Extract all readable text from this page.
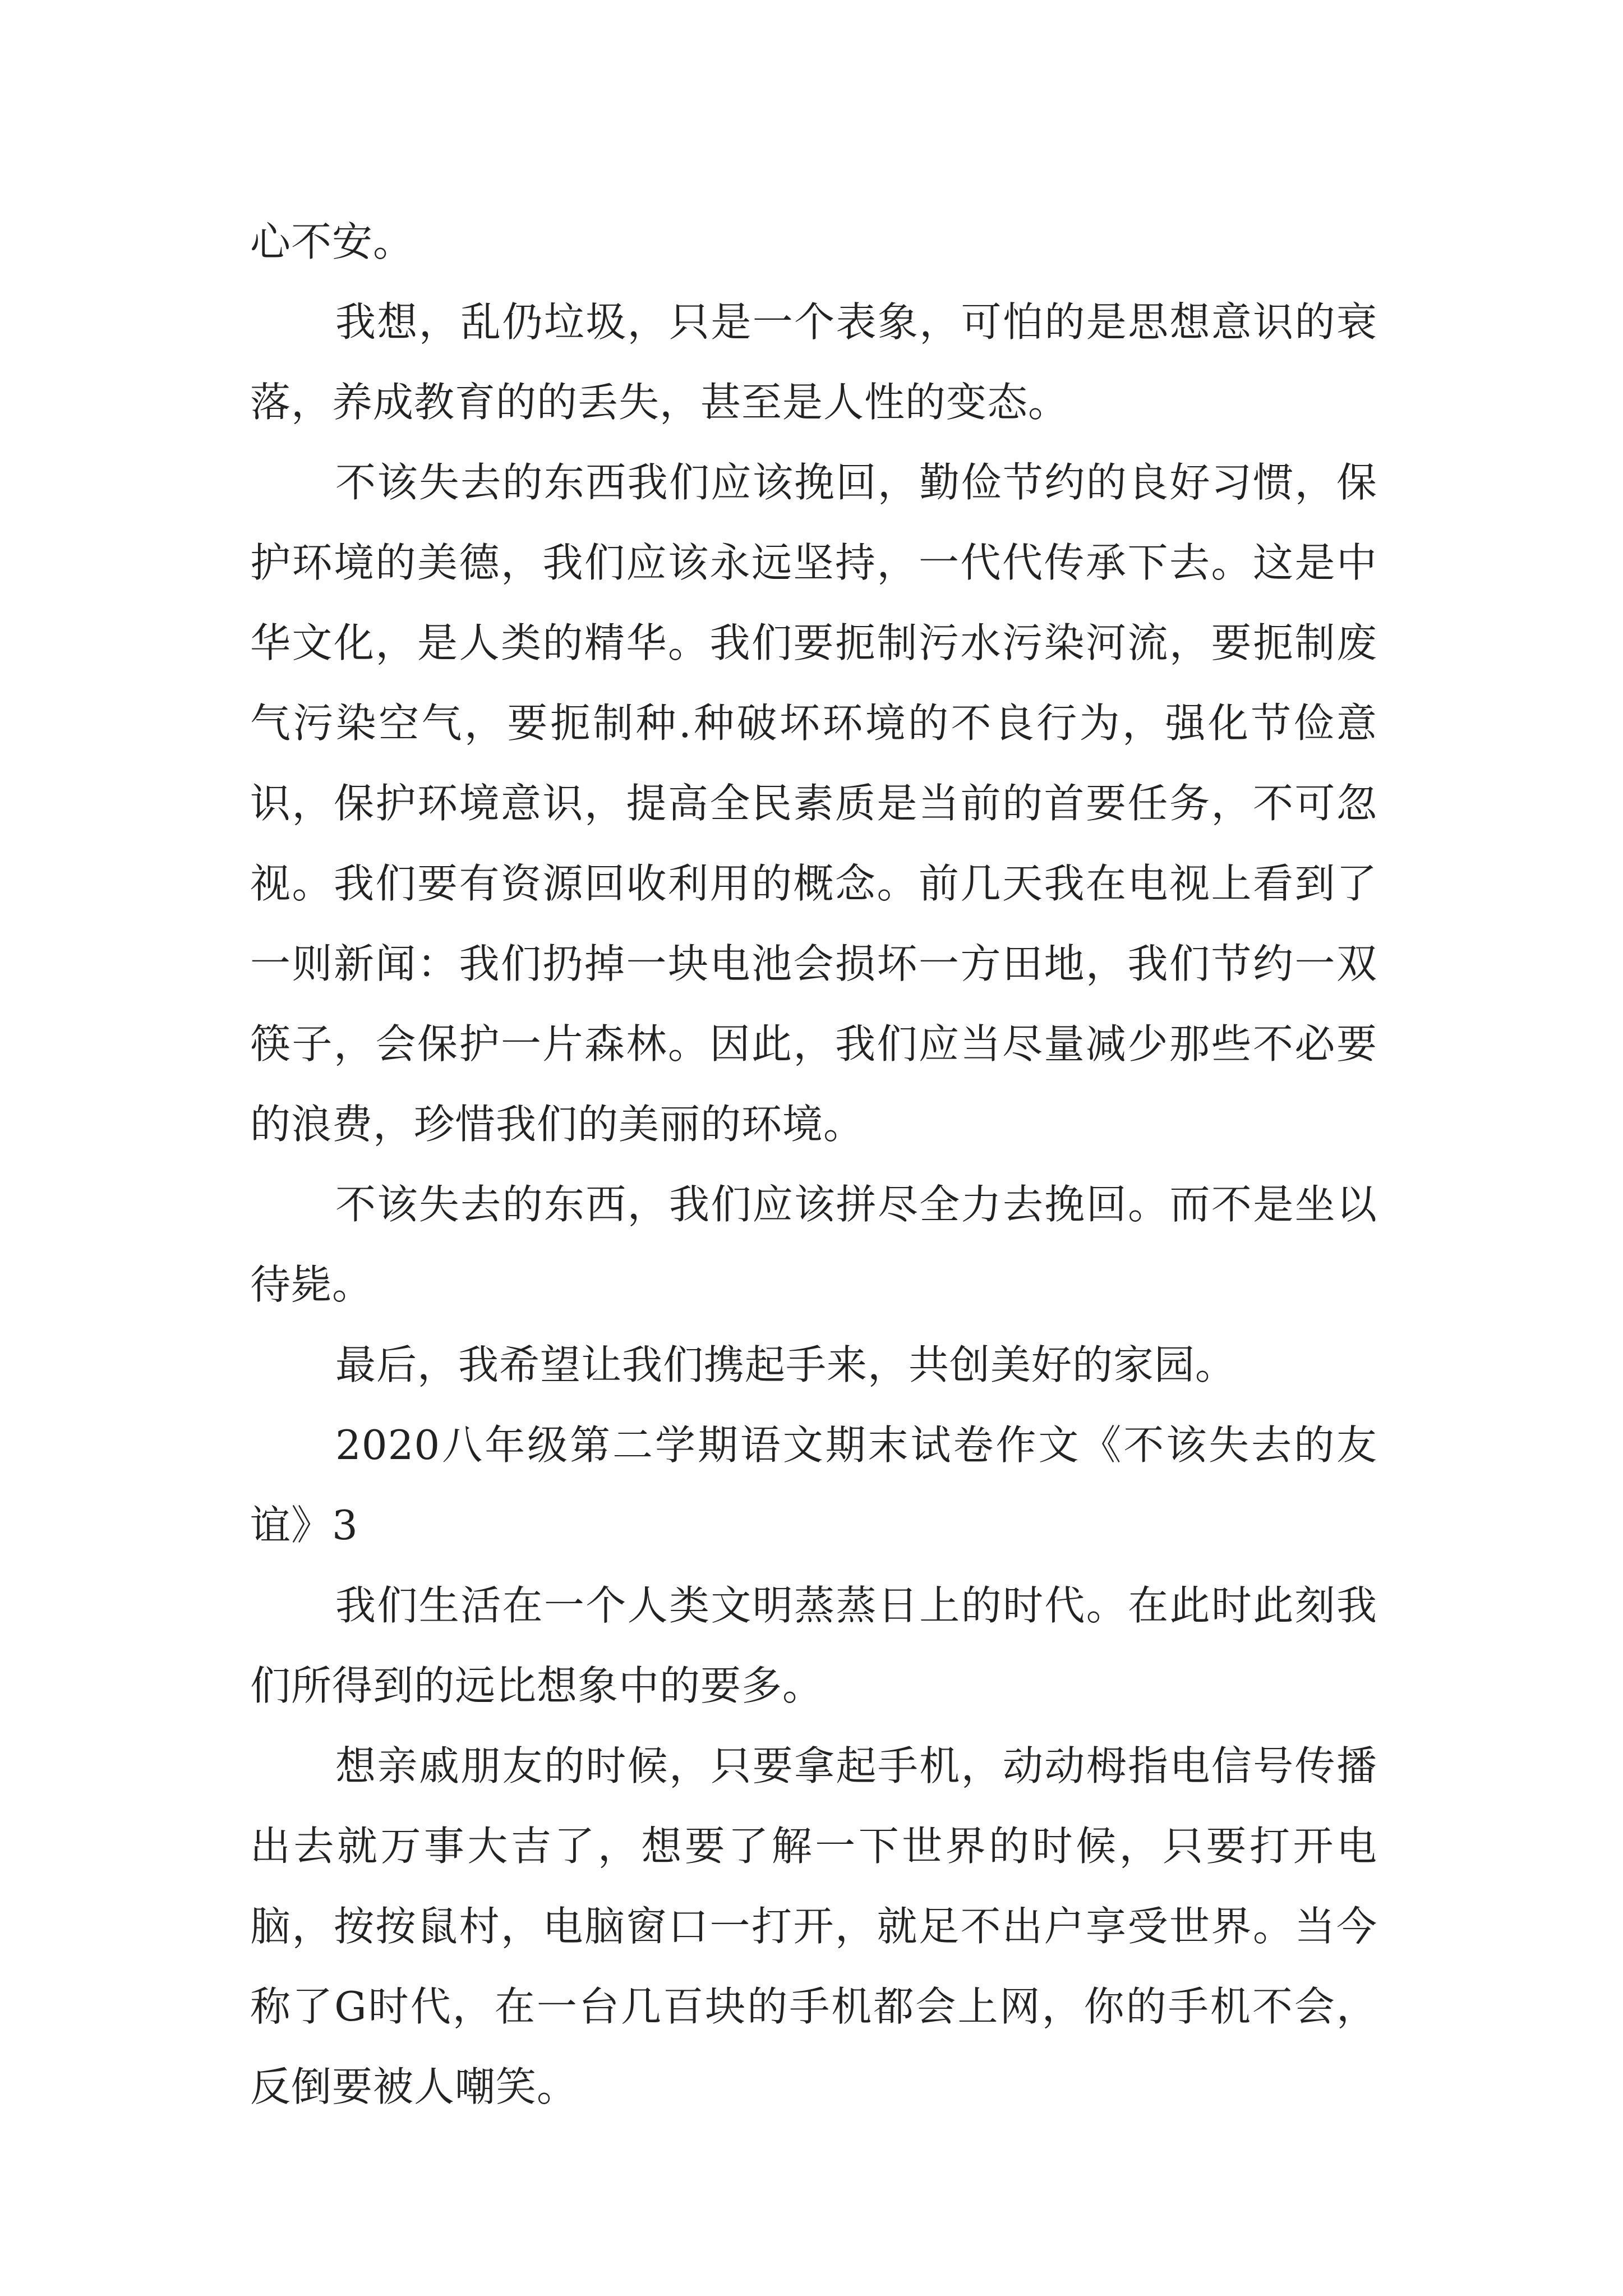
心不安。

我想，乱仍垃圾，只是一个表象，可怕的是思想意识的衰落，养成教育的的丢失，甚至是人性的变态。

不该失去的东西我们应该挽回，勤俭节约的良好习惯，保护环境的美德，我们应该永远坚持，一代代传承下去。这是中华文化，是人类的精华。我们要扼制污水污染河流，要扼制废气污染空气，要扼制种.种破坏环境的不良行为，强化节俭意识，保护环境意识，提高全民素质是当前的首要任务，不可忽视。我们要有资源回收利用的概念。前几天我在电视上看到了一则新闻：我们扔掉一块电池会损坏一方田地，我们节约一双筷子，会保护一片森林。因此，我们应当尽量减少那些不必要的浪费，珍惜我们的美丽的环境。

不该失去的东西，我们应该拼尽全力去挽回。而不是坐以待毙。

最后，我希望让我们携起手来，共创美好的家园。

2020八年级第二学期语文期末试卷作文《不该失去的友谊》3

我们生活在一个人类文明蒸蒸日上的时代。在此时此刻我们所得到的远比想象中的要多。

想亲戚朋友的时候，只要拿起手机，动动栂指电信号传播出去就万事大吉了，想要了解一下世界的时候，只要打开电脑，按按鼠村，电脑窗口一打开，就足不出户享受世界。当今称了G时代，在一台几百块的手机都会上网，你的手机不会，反倒要被人嘲笑。
